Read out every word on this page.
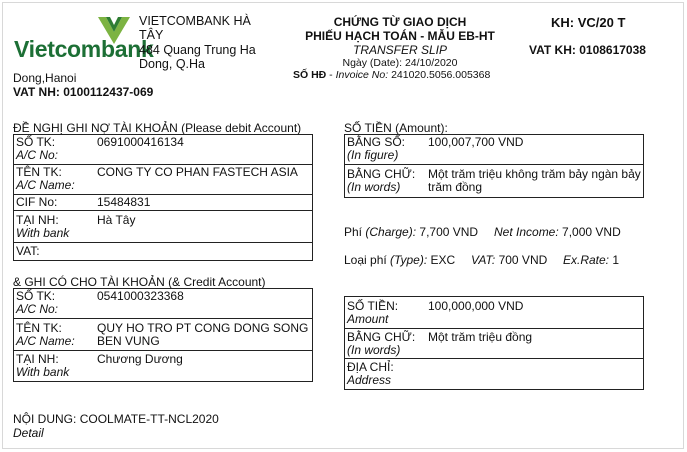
Vietcombank
VIETCOMBANK HÀ
TÂY
484 Quang Trung Ha
Dong, Q.Ha
Dong,Hanoi
VAT NH: 0100112437-069
CHỨNG TỪ GIAO DỊCH
PHIẾU HẠCH TOÁN - MẪU EB-HT
TRANSFER SLIP
Ngày (Date): 24/10/2020
SỐ HĐ - Invoice No: 241020.5056.005368
KH: VC/20 T
VAT KH: 0108617038
ĐỀ NGHỊ GHI NỢ TÀI KHOẢN (Please debit Account)
SỐ TK:
A/C No:
0691000416134
TÊN TK:
A/C Name:
CONG TY CO PHAN FASTECH ASIA
CIF No:	15484831
TẠI NH:
With bank
Hà Tây
VAT:
& GHI CÓ CHO TÀI KHOẢN (& Credit Account)
SỐ TK:
A/C No:
0541000323368
TÊN TK:
A/C Name:
QUY HO TRO PT CONG DONG SONG
BEN VUNG
TẠI NH:
With bank
Chương Dương
SỐ TIỀN (Amount):
BẰNG SỐ:
(In figure)
100,007,700 VND
BẰNG CHỮ:
(In words)
Một trăm triệu không trăm bảy ngàn bảy
trăm đồng
Phí (Charge): 7,700 VND Net Income: 7,000 VND
Loại phí (Type): EXC VAT: 700 VND Ex.Rate: 1
SỐ TIỀN:
Amount
100,000,000 VND
BẰNG CHỮ:
(In words)
Một trăm triệu đồng
ĐỊA CHỈ:
Address
NỘI DUNG: COOLMATE-TT-NCL2020
Detail
